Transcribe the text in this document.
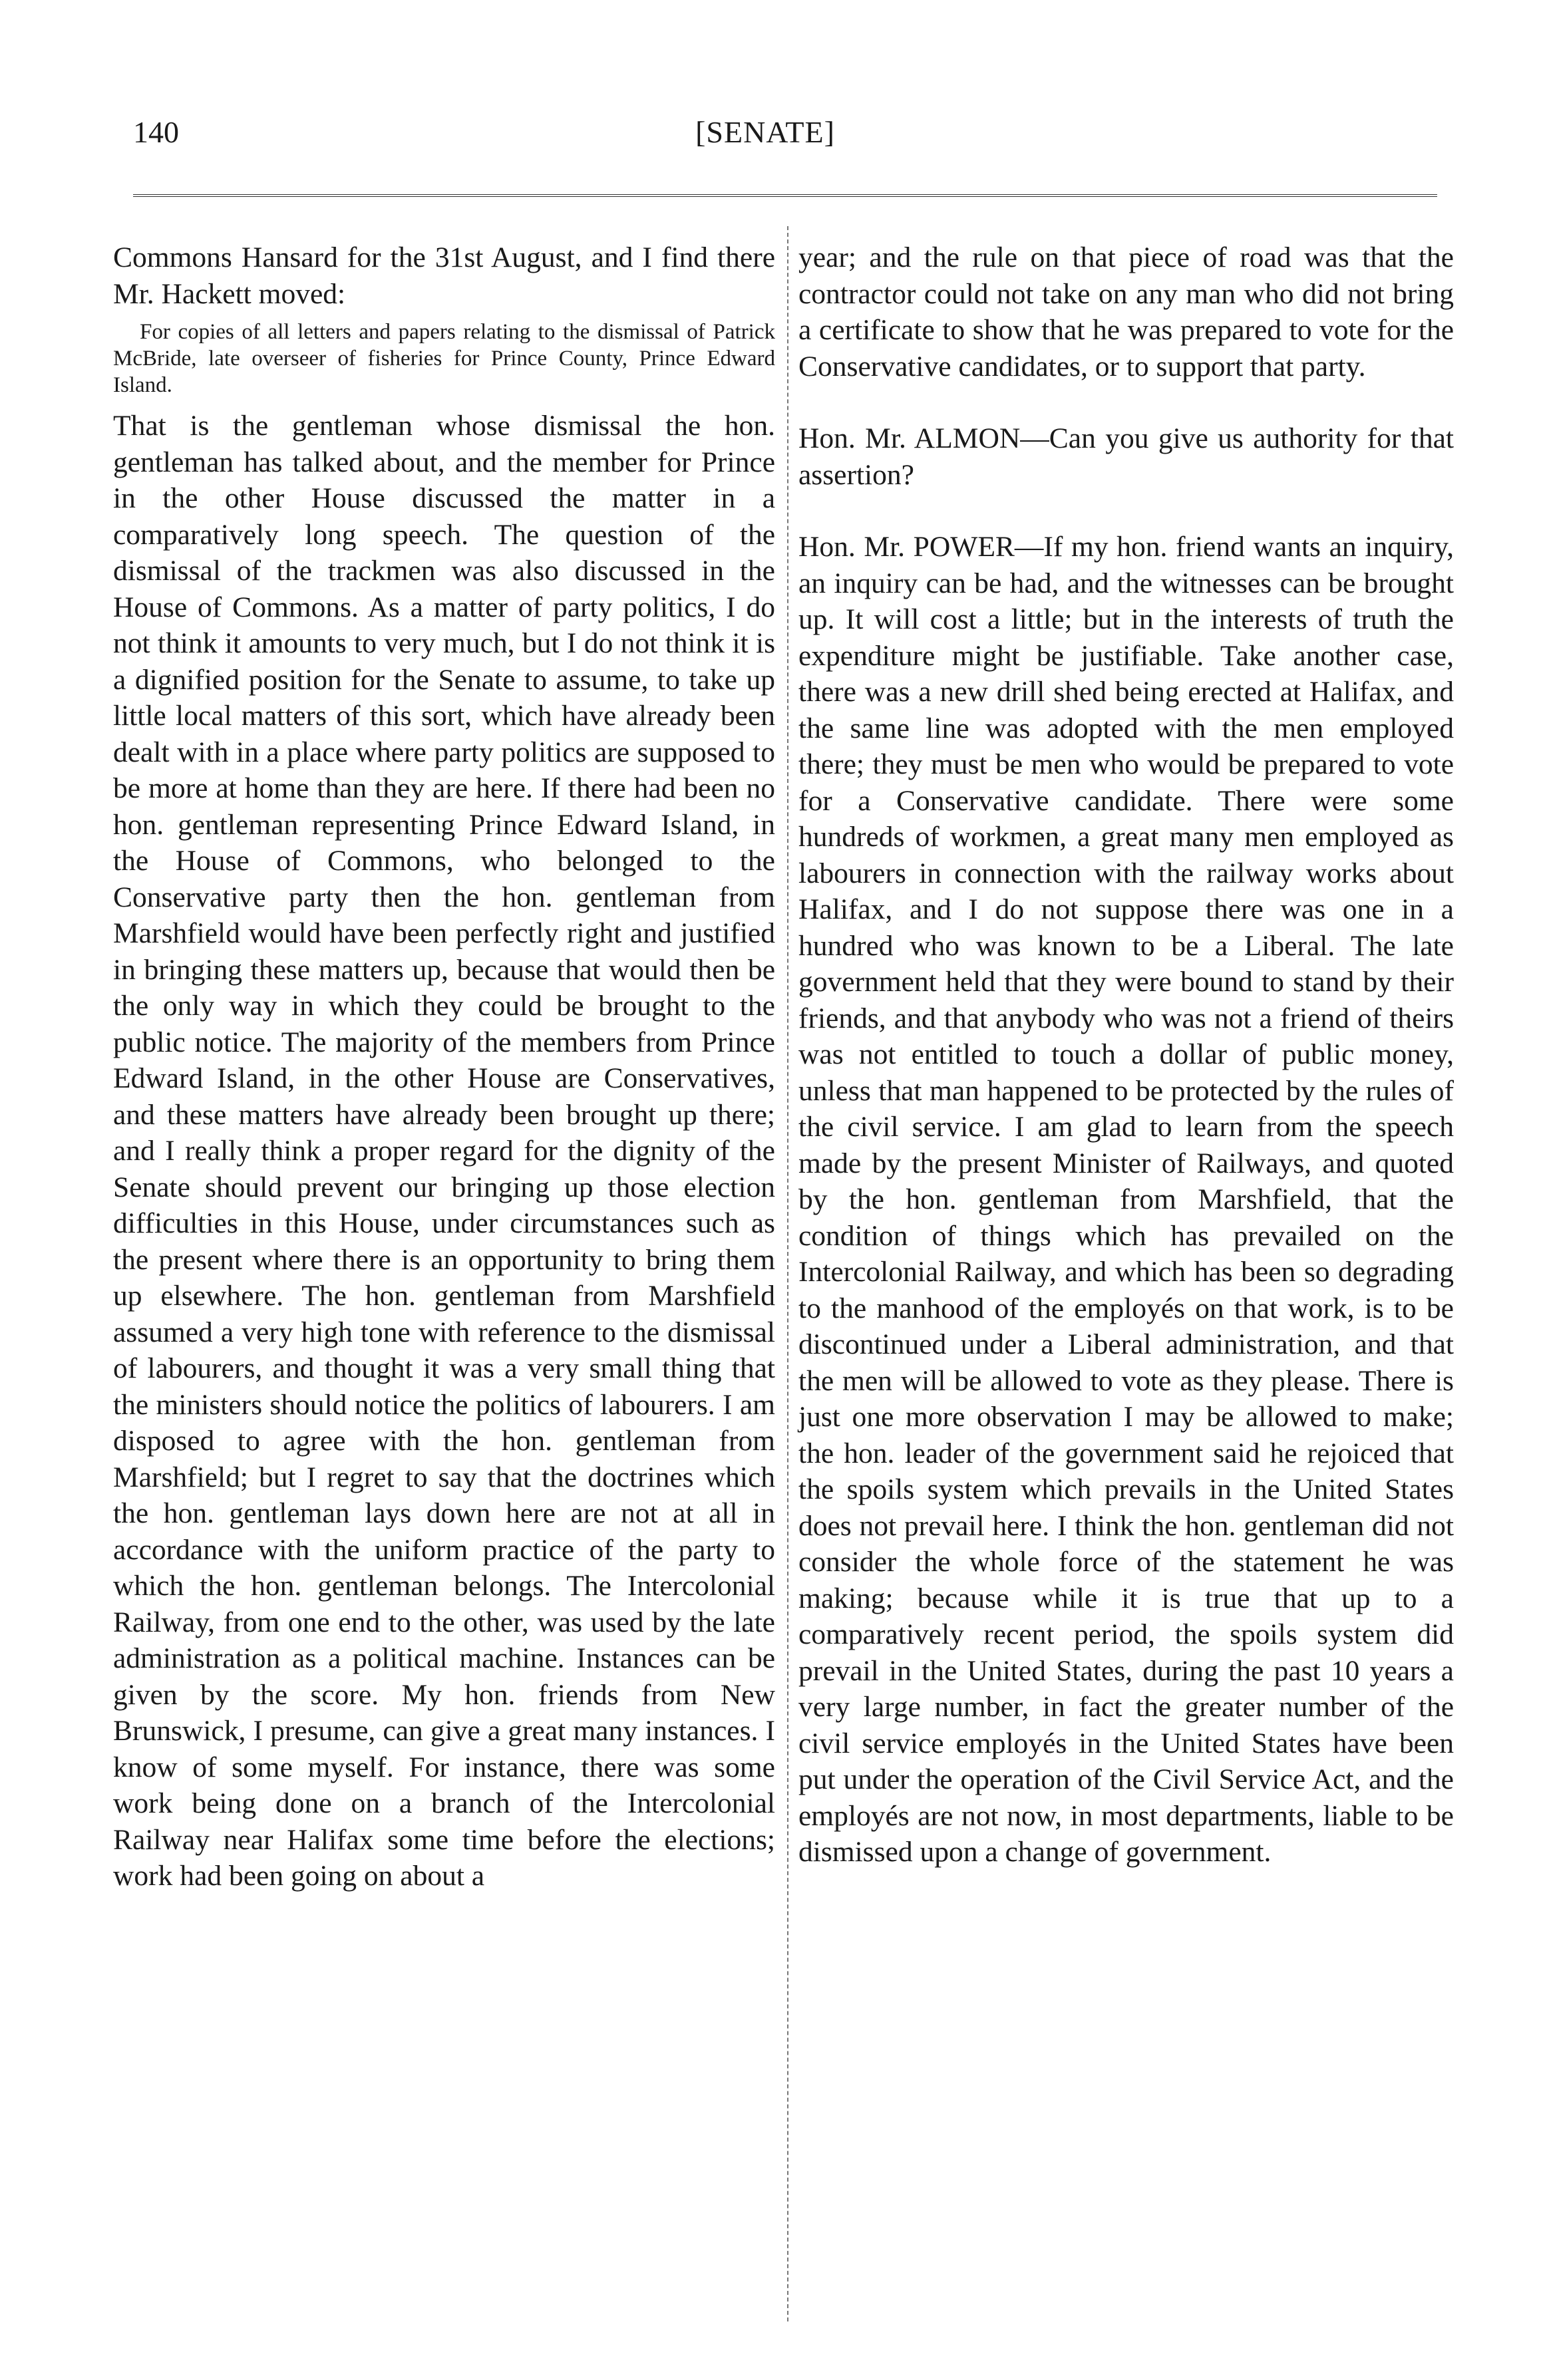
140	[SENATE]

Commons Hansard for the 31st August, and I find there Mr. Hackett moved:

For copies of all letters and papers relating to the dismissal of Patrick McBride, late overseer of fisheries for Prince County, Prince Edward Island.

That is the gentleman whose dismissal the hon. gentleman has talked about, and the member for Prince in the other House discussed the matter in a comparatively long speech. The question of the dismissal of the trackmen was also discussed in the House of Commons. As a matter of party politics, I do not think it amounts to very much, but I do not think it is a dignified position for the Senate to assume, to take up little local matters of this sort, which have already been dealt with in a place where party politics are supposed to be more at home than they are here. If there had been no hon. gentleman representing Prince Edward Island, in the House of Commons, who belonged to the Conservative party then the hon. gentleman from Marshfield would have been perfectly right and justified in bringing these matters up, because that would then be the only way in which they could be brought to the public notice. The majority of the members from Prince Edward Island, in the other House are Conservatives, and these matters have already been brought up there; and I really think a proper regard for the dignity of the Senate should prevent our bringing up those election difficulties in this House, under circumstances such as the present where there is an opportunity to bring them up elsewhere. The hon. gentleman from Marshfield assumed a very high tone with reference to the dismissal of labourers, and thought it was a very small thing that the ministers should notice the politics of labourers. I am disposed to agree with the hon. gentleman from Marshfield; but I regret to say that the doctrines which the hon. gentleman lays down here are not at all in accordance with the uniform practice of the party to which the hon. gentleman belongs. The Intercolonial Railway, from one end to the other, was used by the late administration as a political machine. Instances can be given by the score. My hon. friends from New Brunswick, I presume, can give a great many instances. I know of some myself. For instance, there was some work being done on a branch of the Intercolonial Railway near Halifax some time before the elections; work had been going on about a

year; and the rule on that piece of road was that the contractor could not take on any man who did not bring a certificate to show that he was prepared to vote for the Conservative candidates, or to support that party.

Hon. Mr. ALMON—Can you give us authority for that assertion?

Hon. Mr. POWER—If my hon. friend wants an inquiry, an inquiry can be had, and the witnesses can be brought up. It will cost a little; but in the interests of truth the expenditure might be justifiable. Take another case, there was a new drill shed being erected at Halifax, and the same line was adopted with the men employed there; they must be men who would be prepared to vote for a Conservative candidate. There were some hundreds of workmen, a great many men employed as labourers in connection with the railway works about Halifax, and I do not suppose there was one in a hundred who was known to be a Liberal. The late government held that they were bound to stand by their friends, and that anybody who was not a friend of theirs was not entitled to touch a dollar of public money, unless that man happened to be protected by the rules of the civil service. I am glad to learn from the speech made by the present Minister of Railways, and quoted by the hon. gentleman from Marshfield, that the condition of things which has prevailed on the Intercolonial Railway, and which has been so degrading to the manhood of the employés on that work, is to be discontinued under a Liberal administration, and that the men will be allowed to vote as they please. There is just one more observation I may be allowed to make; the hon. leader of the government said he rejoiced that the spoils system which prevails in the United States does not prevail here. I think the hon. gentleman did not consider the whole force of the statement he was making; because while it is true that up to a comparatively recent period, the spoils system did prevail in the United States, during the past 10 years a very large number, in fact the greater number of the civil service employés in the United States have been put under the operation of the Civil Service Act, and the employés are not now, in most departments, liable to be dismissed upon a change of government.
